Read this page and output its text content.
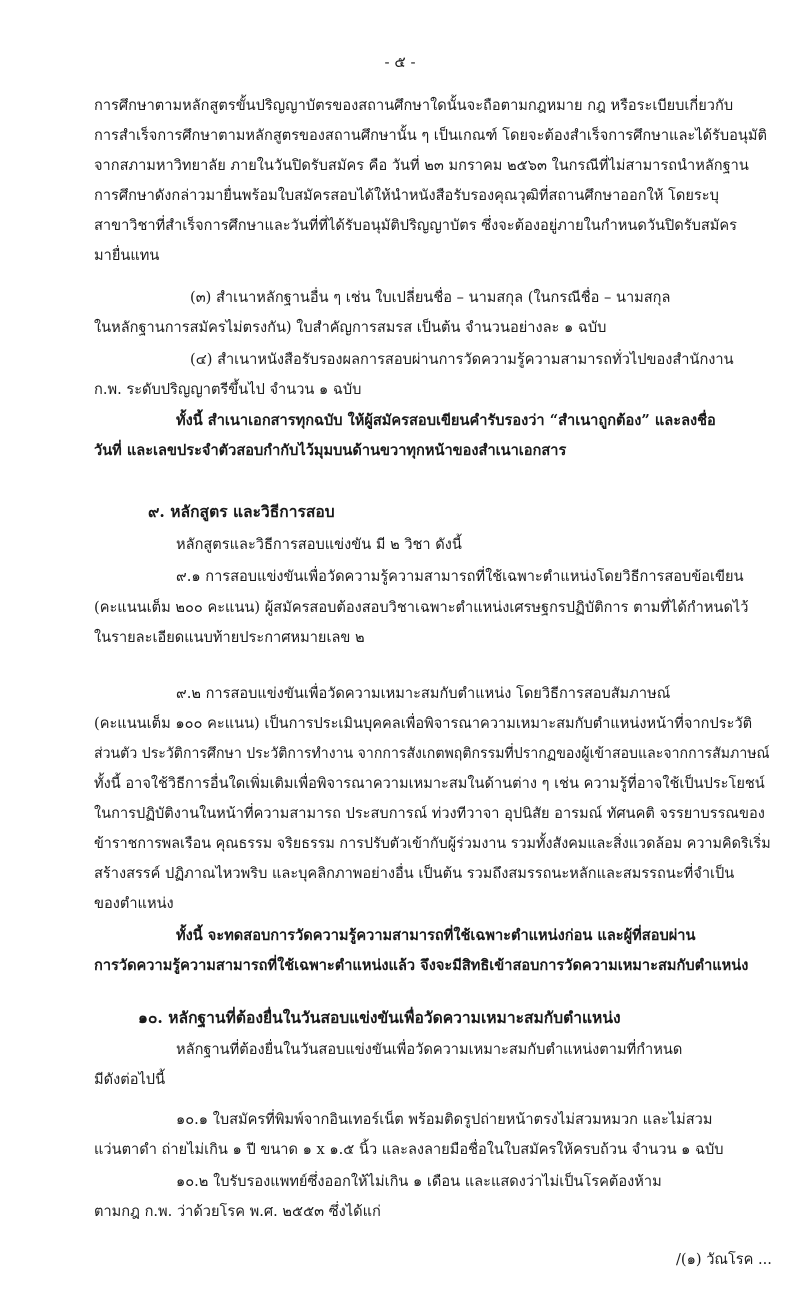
- ๕ -
การศึกษาตามหลักสูตรขั้นปริญญาบัตรของสถานศึกษาใดนั้นจะถือตามกฎหมาย กฎ หรือระเบียบเกี่ยวกับ
การสำเร็จการศึกษาตามหลักสูตรของสถานศึกษานั้น ๆ เป็นเกณฑ์ โดยจะต้องสำเร็จการศึกษาและได้รับอนุมัติ
จากสภามหาวิทยาลัย ภายในวันปิดรับสมัคร คือ วันที่ ๒๓ มกราคม ๒๕๖๓ ในกรณีที่ไม่สามารถนำหลักฐาน
การศึกษาดังกล่าวมายื่นพร้อมใบสมัครสอบได้ให้นำหนังสือรับรองคุณวุฒิที่สถานศึกษาออกให้ โดยระบุ
สาขาวิชาที่สำเร็จการศึกษาและวันที่ที่ได้รับอนุมัติปริญญาบัตร ซึ่งจะต้องอยู่ภายในกำหนดวันปิดรับสมัคร
มายื่นแทน
(๓) สำเนาหลักฐานอื่น ๆ เช่น ใบเปลี่ยนชื่อ – นามสกุล (ในกรณีชื่อ – นามสกุล
ในหลักฐานการสมัครไม่ตรงกัน) ใบสำคัญการสมรส เป็นต้น จำนวนอย่างละ ๑ ฉบับ
(๔) สำเนาหนังสือรับรองผลการสอบผ่านการวัดความรู้ความสามารถทั่วไปของสำนักงาน
ก.พ. ระดับปริญญาตรีขึ้นไป จำนวน ๑ ฉบับ
ทั้งนี้ สำเนาเอกสารทุกฉบับ ให้ผู้สมัครสอบเขียนคำรับรองว่า “สำเนาถูกต้อง” และลงชื่อ
วันที่ และเลขประจำตัวสอบกำกับไว้มุมบนด้านขวาทุกหน้าของสำเนาเอกสาร
๙. หลักสูตร และวิธีการสอบ
หลักสูตรและวิธีการสอบแข่งขัน มี ๒ วิชา ดังนี้
๙.๑ การสอบแข่งขันเพื่อวัดความรู้ความสามารถที่ใช้เฉพาะตำแหน่งโดยวิธีการสอบข้อเขียน
(คะแนนเต็ม ๒๐๐ คะแนน) ผู้สมัครสอบต้องสอบวิชาเฉพาะตำแหน่งเศรษฐกรปฏิบัติการ ตามที่ได้กำหนดไว้
ในรายละเอียดแนบท้ายประกาศหมายเลข ๒
๙.๒ การสอบแข่งขันเพื่อวัดความเหมาะสมกับตำแหน่ง โดยวิธีการสอบสัมภาษณ์
(คะแนนเต็ม ๑๐๐ คะแนน) เป็นการประเมินบุคคลเพื่อพิจารณาความเหมาะสมกับตำแหน่งหน้าที่จากประวัติ
ส่วนตัว ประวัติการศึกษา ประวัติการทำงาน จากการสังเกตพฤติกรรมที่ปรากฏของผู้เข้าสอบและจากการสัมภาษณ์
ทั้งนี้ อาจใช้วิธีการอื่นใดเพิ่มเติมเพื่อพิจารณาความเหมาะสมในด้านต่าง ๆ เช่น ความรู้ที่อาจใช้เป็นประโยชน์
ในการปฏิบัติงานในหน้าที่ความสามารถ ประสบการณ์ ท่วงทีวาจา อุปนิสัย อารมณ์ ทัศนคติ จรรยาบรรณของ
ข้าราชการพลเรือน คุณธรรม จริยธรรม การปรับตัวเข้ากับผู้ร่วมงาน รวมทั้งสังคมและสิ่งแวดล้อม ความคิดริเริ่ม
สร้างสรรค์ ปฏิภาณไหวพริบ และบุคลิกภาพอย่างอื่น เป็นต้น รวมถึงสมรรถนะหลักและสมรรถนะที่จำเป็น
ของตำแหน่ง
ทั้งนี้ จะทดสอบการวัดความรู้ความสามารถที่ใช้เฉพาะตำแหน่งก่อน และผู้ที่สอบผ่าน
การวัดความรู้ความสามารถที่ใช้เฉพาะตำแหน่งแล้ว จึงจะมีสิทธิเข้าสอบการวัดความเหมาะสมกับตำแหน่ง
๑๐. หลักฐานที่ต้องยื่นในวันสอบแข่งขันเพื่อวัดความเหมาะสมกับตำแหน่ง
หลักฐานที่ต้องยื่นในวันสอบแข่งขันเพื่อวัดความเหมาะสมกับตำแหน่งตามที่กำหนด
มีดังต่อไปนี้
๑๐.๑ ใบสมัครที่พิมพ์จากอินเทอร์เน็ต พร้อมติดรูปถ่ายหน้าตรงไม่สวมหมวก และไม่สวม
แว่นตาดำ ถ่ายไม่เกิน ๑ ปี ขนาด ๑ x ๑.๕ นิ้ว และลงลายมือชื่อในใบสมัครให้ครบถ้วน จำนวน ๑ ฉบับ
๑๐.๒ ใบรับรองแพทย์ซึ่งออกให้ไม่เกิน ๑ เดือน และแสดงว่าไม่เป็นโรคต้องห้าม
ตามกฎ ก.พ. ว่าด้วยโรค พ.ศ. ๒๕๕๓ ซึ่งได้แก่
/(๑) วัณโรค ...
